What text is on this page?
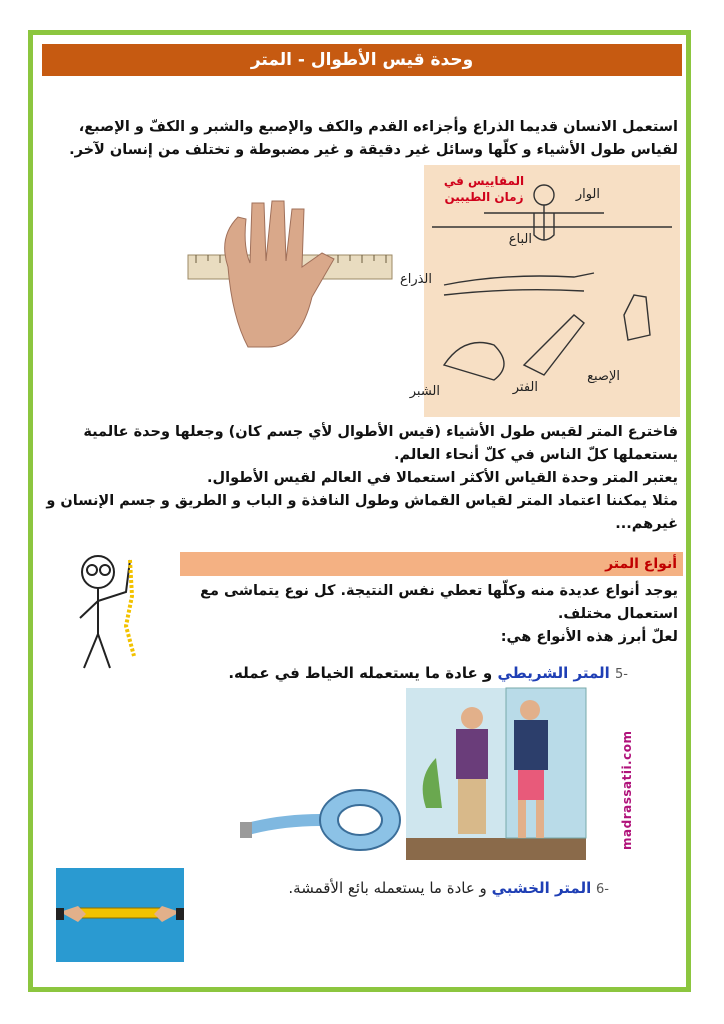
وحدة قيس الأطوال - المتر
استعمل الانسان قديما الذراع وأجزاءه القدم والكف والإصبع والشبر و الكفّ و الإصبع،
لقياس طول الأشياء و كلّها وسائل غير دقيقة و غير مضبوطة و تختلف من إنسان لآخر.
المقاييس في
زمان الطيبين	الوار
الباع
الذراع
الشبر	الفتر
الإصبع
فاخترع المتر لقيس طول الأشياء (قيس الأطوال لأي جسم كان) وجعلها وحدة عالمية
يستعملها كلّ الناس في كلّ أنحاء العالم.
يعتبر المتر وحدة القياس الأكثر استعمالا في العالم لقيس الأطوال.
مثلا يمكننا اعتماد المتر لقياس القماش وطول النافذة و الباب و الطريق و جسم الإنسان و
غيرهم...
أنواع المتر
يوجد أنواع عديدة منه وكلّها تعطي نفس النتيجة. كل نوع يتماشى مع
استعمال مختلف.
لعلّ أبرز هذه الأنواع هي:
-5 المتر الشريطي و عادة ما يستعمله الخياط في عمله.
madrassatii.com
-6 المتر الخشبي و عادة ما يستعمله بائع الأقمشة.
